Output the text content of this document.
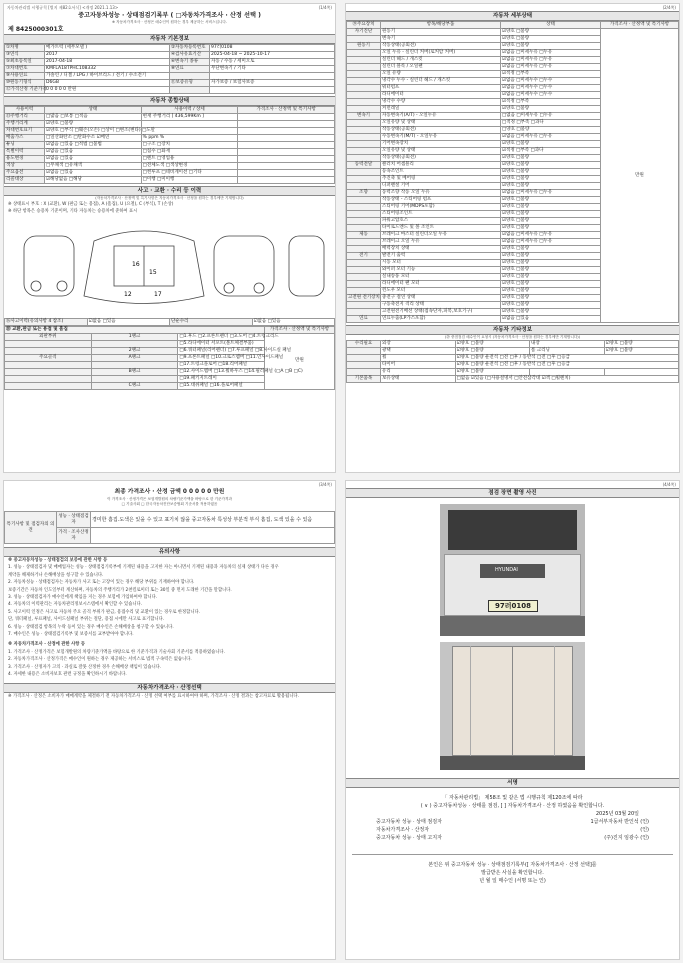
자동차관리법 시행규칙 [별지 제82호서식] <개정 2021.1.13>	(1/4쪽)
중고자동차성능 · 상태점검기록부 ( □자동차가격조사 · 산정 선택 )
※ 자동차가격조사 · 산정은 매수인이 원하는 경우 제공하는 서비스입니다.
제 8425000301호
자동차 기본정보
①차명	메가트럭 (세무모델 )	②자동차등록번호	97러0108
③연식	2017	④검사유효기간	2025-04-18 ~ 2025-10-17
⑤최초등록일	2017-04-18	⑥변속기 종류	자동 / 수동 / 세미오토
⑦차대번호	KMFLA18TPHC108332	⑧연료	무단변속기 / 기타
⑨사용연료	가솔린 / 디젤 / LPG / 하이브리드 / 전기 / 수소전기		
⑩원동기형식	D6GB	⑪보증유형	자가보증 / 보험사보증
⑫가격산정 기준가격	0 0 0 0 0 만원		
자동차 종합상태
사용이력	상태	사용이력 / 상세	가격조사 · 산정액 및 특기사항
⑬주행거리	□많음 □보통 □적음	현재 주행거리 [ 436,599Km ]	
주행거리계	☑양호 □불량		
차대번호표기	☑양호 □부식 □훼손(오손) □상이 □변조(변타) □도말		
배출가스	□일산화탄소 □탄화수소 ☑매연	% ppm %	
튜닝	☑없음 □있음 □적법 □불법	□구조 □장치	
특별이력	☑없음 □있음	□침수 □화재	
용도변경	☑없음 □있음	□렌트 □영업용	
색상	□무채색 □유채색	□전체도색 □색상변경	
주요옵션	☑없음 □있음	□썬루프 □네비게이션 □기타	
리콜대상	☑해당없음 □해당	□이행 □미이행	
사고 · 교환 · 수리 등 이력
(자동차가격조사 · 산정액 및 특기사항은 자동차가격조사 · 산정을 원하는 경우에만 기재합니다)
※ 상태표시 부호 : X (교환), W (판금 또는 용접), A (흠집), U (요철), C (부식), T (손상)
※ 하단 항목은 승용차 기준이며, 기타 자동차는 승용차에 준하여 표시
16
15
17
12
⑯사고이력(유의사항 4 참조)	☑없음 □있음	단순수리	☑없음 □있음
⑱ 교환,판금 또는 용접 및 흠집			가격조사 · 산정액 및 특기사항
외판부위	1랭크	□1.후드 □2.프론트펜더 □3.도어 □4.트렁크리드	만원
		□5.라디에이터 서포트(볼트체결부품)	
	2랭크	□6.쿼터패널(리어펜더) □7.루프패널 □8.사이드실 패널	
주요골격	A랭크	□9.프론트패널 □10.크로스멤버 □11.인사이드패널	
		□17.트렁크플로어 □18.리어패널	
	B랭크	□12.사이드멤버 □13.휠하우스 □14.필러패널 (□A □B □C)	
		□19.패키지트레이	
	C랭크	□15.대쉬패널 □16.플로어패널	
(2/4쪽)
자동차 세부상태
⑲주요장치	항목/해당부품	상태	가격조사 · 산정액 및 특기사항
자기진단	원동기	☑양호 □불량	만원
	변속기	☑양호 □불량	
원동기	작동상태(공회전)	☑양호 □불량	
	오일 누유 - 실린더 커버(로커암 커버)	☑없음 □미세누유 □누유	
	실린더 헤드 / 개스킷	☑없음 □미세누유 □누유	
	실린더 블록 / 오일팬	☑없음 □미세누유 □누유	
	오일 유량	☑적정 □부족	
	냉각수 누수 - 실린더 헤드 / 개스킷	☑없음 □미세누수 □누수	
	워터펌프	☑없음 □미세누수 □누수	
	라디에이터	☑없음 □미세누수 □누수	
	냉각수 수량	☑적정 □부족	
	커먼레일	☑양호 □불량	
변속기	자동변속기(A/T) - 오일누유	□없음 □미세누유 □누유	
	오일유량 및 상태	□적정 □부족 □과다	
	작동상태(공회전)	□양호 □불량	
	수동변속기(M/T) - 오일누유	☑없음 □미세누유 □누유	
	기어변속장치	☑양호 □불량	
	오일유량 및 상태	☑적정 □부족 □과다	
	작동상태(공회전)	☑양호 □불량	
동력전달	클러치 어셈블리	☑양호 □불량	
	등속조인트	☑양호 □불량	
	추진축 및 베어링	☑양호 □불량	
	디퍼렌셜 기어	☑양호 □불량	
조향	동력조향 작동 오일 누유	☑없음 □미세누유 □누유	
	작동상태 - 스티어링 펌프	☑양호 □불량	
	스티어링 기어(MDPS포함)	☑양호 □불량	
	스티어링조인트	☑양호 □불량	
	파워고압호스	☑양호 □불량	
	타이로드엔드 및 볼 조인트	☑양호 □불량	
제동	브레이크 마스터 실린더오일 누유	☑없음 □미세누유 □누유	
	브레이크 오일 누유	☑없음 □미세누유 □누유	
	배력장치 상태	☑양호 □불량	
전기	발전기 출력	☑양호 □불량	
	시동 모터	☑양호 □불량	
	와이퍼 모터 기능	☑양호 □불량	
	실내송풍 모터	☑양호 □불량	
	라디에이터 팬 모터	☑양호 □불량	
	윈도우 모터	☑양호 □불량	
고전원 전기장치	충전구 절연 상태	☑양호 □불량	
	구동축전지 격리 상태	☑양호 □불량	
	고전원전기배선 상태(접속단자,피복,보호기구)	☑양호 □불량	
연료	연료누출(LP가스포함)	☑없음 □있음	
자동차 기타정보
(⑳ 중점점검 매수인이 요청시 (자동차가격조사 · 산정을 원하는 경우에만 기재합니다))
수리필요	외장	☑양호 □불량	내장	☑양호 □불량
	광택	☑양호 □불량	룸 크리닝	☑양호 □불량
	휠	☑양호 □불량 운전석 □전 □후 / 동반석 □전 □후 □응급		
	타이어	☑양호 □불량 운전석 □전 □후 / 동반석 □전 □후 □응급		
	유리	☑양호 □불량		
기본품목	보유상태	□없음 ☑있음 (□사용설명서 □안전삼각대 ☑잭 □휠렌치)		
(3/4쪽)
최종 가격조사 · 산정 금액 0 0 0 0 0 만원
이 가격조사 · 산정가격은 보험개발원의 차량기준가액을 바탕으로 한 기준가격과
□ 기술사회 □ 한국자동차진단보증협회 기준서를 적용하였음
특기사항 및 점검자의 의견	성능 · 상태점검자	경미한 흠집.도색은 있을 수 있고 표기치 않을 중고자동차 특성상 부분적 부식 흠집, 도색 있을 수 있음
	가격 · 조사산정자	
유의사항
※ 중고자동차성능 · 상태점검의 보증에 관한 사항 등
1. 성능 · 상태점검자 및 매매업자는 성능 · 상태점검기록부에 기재된 내용을 고지한 자는 아니면서 기재된 내용과 자동차의 실제 상태가 다른 경우
계약을 해제하거나 손해배상을 청구할 수 있습니다.
2. 자동차성능 · 상태점검자는 자동차가 사고 또는 고장이 있는 경우 해당 부위를 기재하여야 합니다.
보증기간은 자동차 인도일부터 계산하며, 자동차의 주행거리가 2천킬로미터 또는 30일 중 먼저 도래한 기간을 말합니다.
3. 성능 · 상태점검자가 매수인에게 책임을 지는 경우 보험에 가입하여야 합니다.
4. 자동차의 이력관리는 자동차관리정보시스템에서 확인할 수 있습니다.
5. 사고이력 인정은 사고로 자동차 주요 골격 부위가 판금, 용접수리 및 교환이 있는 경우로 한정합니다.
단, 쿼터패널, 루프패널, 사이드실패널 부위는 절단, 용접 시에만 사고로 표기합니다.
6. 성능 · 상태점검 항목의 누락 등이 있는 경우 매수인은 손해배상을 청구할 수 있습니다.
7. 매수인은 성능 · 상태점검기록부 및 보증서를 교부받아야 합니다.
※ 자동차가격조사 · 산정에 관한 사항 등
1. 가격조사 · 산정가격은 보험개발원의 차량기준가액을 바탕으로 한 기준가격과 기술사회 기준서를 적용하였습니다.
2. 자동차가격조사 · 산정가격은 매수인이 원하는 경우 제공하는 서비스로 법적 구속력은 없습니다.
3. 가격조사 · 산정자가 고의 · 과실로 잘못 산정한 경우 손해배상 책임이 있습니다.
4. 자세한 내용은 소비자보호 관련 규정을 확인하시기 바랍니다.
자동차가격조사 · 산정선택
※ 가격조사 · 산정은 소비자가 매매계약을 체결하기 전 자동차가격조사 · 산정 선택 여부를 표시하여야 하며, 가격조사 · 산정 결과는 참고자료로 활용됩니다.
(4/4쪽)
점검 장면 촬영 사진
HYUNDAI
97러0108
서명
「 자동차관리법」 제58조 및 같은 법 시행규칙 제120조에 따라
( ∨ ) 중고자동차성능 · 상태를 점검, [ ] 자동차가격조사 · 산정 하였음을 확인합니다.
2025년 03월 20일
중고자동차 성능 · 상태 점검자	1급서부자동차 반인석 (인)
자동차가격조사 · 산정자	(인)
중고자동차 성능 · 상태 고지자	(주)진지 임광수 (인)
본인은 위 중고자동차 성능 · 상태점검기록부([ 자동차가격조사 · 산정 선택]를
발급받은 사실을 확인합니다.
년 월 일 매수인 (서명 또는 인)
